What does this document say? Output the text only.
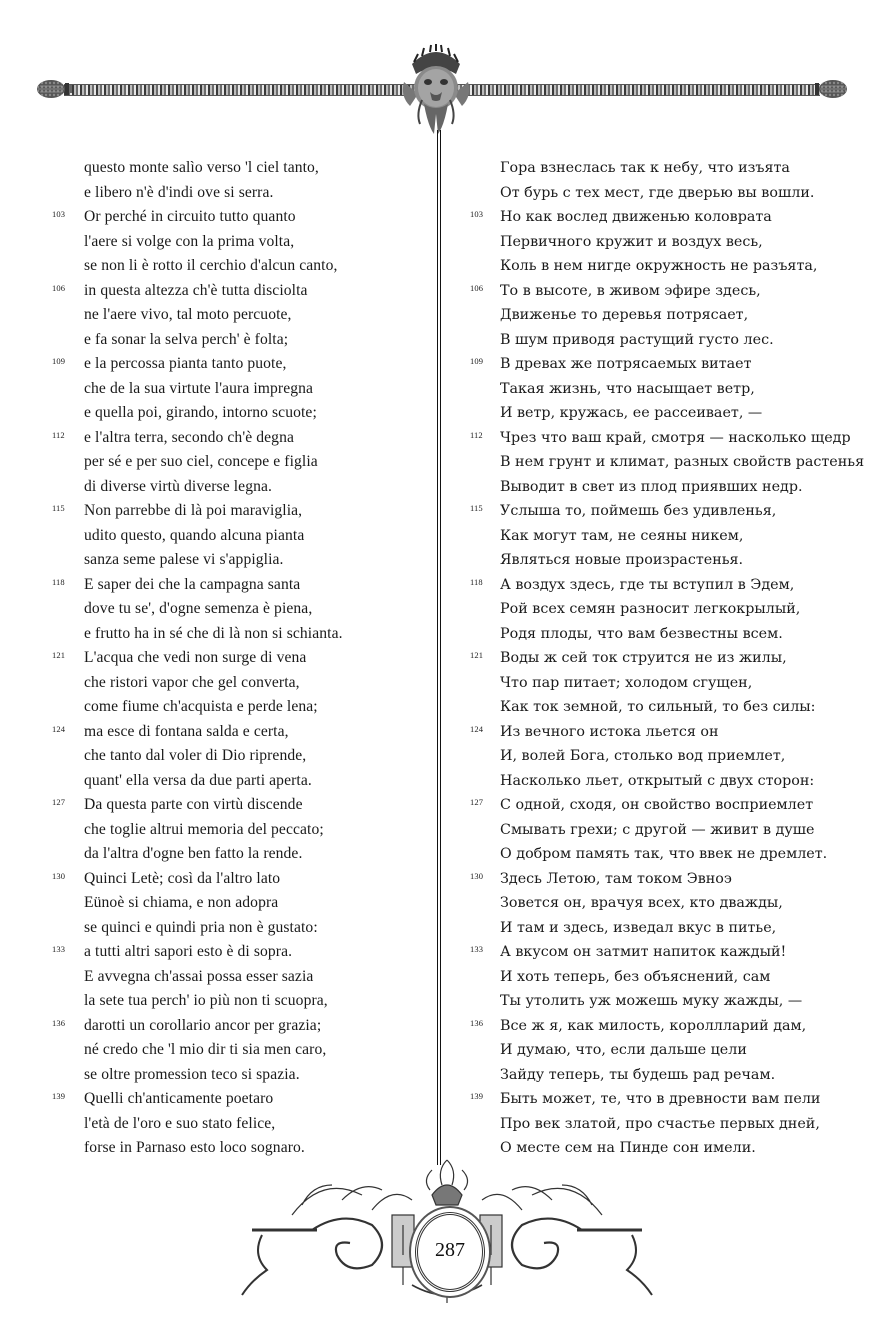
questo monte salìo verso 'l ciel tanto,
e libero n'è d'indi ove si serra.
103 Or perché in circuito tutto quanto
l'aere si volge con la prima volta,
se non li è rotto il cerchio d'alcun canto,
106 in questa altezza ch'è tutta disciolta
ne l'aere vivo, tal moto percuote,
e fa sonar la selva perch' è folta;
109 e la percossa pianta tanto puote,
che de la sua virtute l'aura impregna
e quella poi, girando, intorno scuote;
112 e l'altra terra, secondo ch'è degna
per sé e per suo ciel, concepe e figlia
di diverse virtù diverse legna.
115 Non parrebbe di là poi maraviglia,
udito questo, quando alcuna pianta
sanza seme palese vi s'appiglia.
118 E saper dei che la campagna santa
dove tu se', d'ogne semenza è piena,
e frutto ha in sé che di là non si schianta.
121 L'acqua che vedi non surge di vena
che ristori vapor che gel converta,
come fiume ch'acquista e perde lena;
124 ma esce di fontana salda e certa,
che tanto dal voler di Dio riprende,
quant' ella versa da due parti aperta.
127 Da questa parte con virtù discende
che toglie altrui memoria del peccato;
da l'altra d'ogne ben fatto la rende.
130 Quinci Letè; così da l'altro lato
Eünoè si chiama, e non adopra
se quinci e quindi pria non è gustato:
133 a tutti altri sapori esto è di sopra.
E avvegna ch'assai possa esser sazia
la sete tua perch' io più non ti scuopra,
136 darotti un corollario ancor per grazia;
né credo che 'l mio dir ti sia men caro,
se oltre promession teco si spazia.
139 Quelli ch'anticamente poetaro
l'età de l'oro e suo stato felice,
forse in Parnaso esto loco sognaro.
Гора взнеслась так к небу, что изъята
От бурь с тех мест, где дверью вы вошли.
103 Но как вослед движенью коловрата
Первичного кружит и воздух весь,
Коль в нем нигде окружность не разъята,
106 То в высоте, в живом эфире здесь,
Движенье то деревья потрясает,
В шум приводя растущий густо лес.
109 В древах же потрясаемых витает
Такая жизнь, что насыщает ветр,
И ветр, кружась, ее рассеивает, —
112 Чрез что ваш край, смотря — насколько щедр
В нем грунт и климат, разных свойств растенья
Выводит в свет из плод приявших недр.
115 Услыша то, поймешь без удивленья,
Как могут там, не сеяны никем,
Являться новые произрастенья.
118 А воздух здесь, где ты вступил в Эдем,
Рой всех семян разносит легкокрылый,
Родя плоды, что вам безвестны всем.
121 Воды ж сей ток струится не из жилы,
Что пар питает; холодом сгущен,
Как ток земной, то сильный, то без силы:
124 Из вечного истока льется он
И, волей Бога, столько вод приемлет,
Насколько льет, открытый с двух сторон:
127 С одной, сходя, он свойство восприемлет
Смывать грехи; с другой — живит в душе
О добром память так, что ввек не дремлет.
130 Здесь Летою, там током Эвноэ
Зовется он, врачуя всех, кто дважды,
И там и здесь, изведал вкус в питье,
133 А вкусом он затмит напиток каждый!
И хоть теперь, без объяснений, сам
Ты утолить уж можешь муку жажды, —
136 Все ж я, как милость, короллларий дам,
И думаю, что, если дальше цели
Зайду теперь, ты будешь рад речам.
139 Быть может, те, что в древности вам пели
Про век златой, про счастье первых дней,
О месте сем на Пинде сон имели.
287
